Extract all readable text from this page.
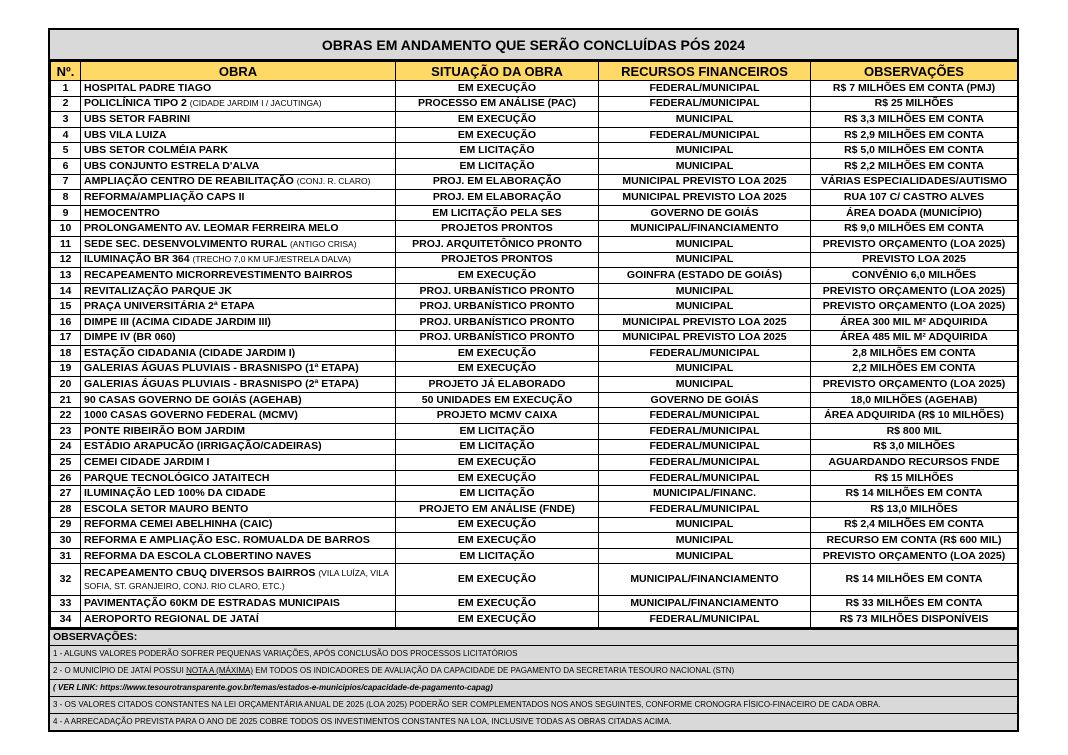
OBRAS EM ANDAMENTO QUE SERÃO CONCLUÍDAS PÓS 2024
Nº.	OBRA	SITUAÇÃO DA OBRA	RECURSOS FINANCEIROS	OBSERVAÇÕES
1	HOSPITAL PADRE TIAGO	EM EXECUÇÃO	FEDERAL/MUNICIPAL	R$ 7 MILHÕES EM CONTA (PMJ)
2	POLICLÍNICA TIPO 2 (CIDADE JARDIM I / JACUTINGA)	PROCESSO EM ANÁLISE (PAC)	FEDERAL/MUNICIPAL	R$ 25 MILHÕES
3	UBS SETOR FABRINI	EM EXECUÇÃO	MUNICIPAL	R$ 3,3 MILHÕES EM CONTA
4	UBS VILA LUIZA	EM EXECUÇÃO	FEDERAL/MUNICIPAL	R$ 2,9 MILHÕES EM CONTA
5	UBS SETOR COLMÉIA PARK	EM LICITAÇÃO	MUNICIPAL	R$ 5,0 MILHÕES EM CONTA
6	UBS CONJUNTO ESTRELA D'ALVA	EM LICITAÇÃO	MUNICIPAL	R$ 2,2 MILHÕES EM CONTA
7	AMPLIAÇÃO CENTRO DE REABILITAÇÃO (CONJ. R. CLARO)	PROJ. EM ELABORAÇÃO	MUNICIPAL PREVISTO LOA 2025	VÁRIAS ESPECIALIDADES/AUTISMO
8	REFORMA/AMPLIAÇÃO CAPS II	PROJ. EM ELABORAÇÃO	MUNICIPAL PREVISTO LOA 2025	RUA 107 C/ CASTRO ALVES
9	HEMOCENTRO	EM LICITAÇÃO PELA SES	GOVERNO DE GOIÁS	ÁREA DOADA (MUNICÍPIO)
10	PROLONGAMENTO AV. LEOMAR FERREIRA MELO	PROJETOS PRONTOS	MUNICIPAL/FINANCIAMENTO	R$ 9,0 MILHÕES EM CONTA
11	SEDE SEC. DESENVOLVIMENTO RURAL (ANTIGO CRISA)	PROJ. ARQUITETÔNICO PRONTO	MUNICIPAL	PREVISTO ORÇAMENTO (LOA 2025)
12	ILUMINAÇÃO BR 364 (TRECHO 7,0 KM UFJ/ESTRELA DALVA)	PROJETOS PRONTOS	MUNICIPAL	PREVISTO LOA 2025
13	RECAPEAMENTO MICRORREVESTIMENTO BAIRROS	EM EXECUÇÃO	GOINFRA (ESTADO DE GOIÁS)	CONVÊNIO 6,0 MILHÕES
14	REVITALIZAÇÃO PARQUE JK	PROJ. URBANÍSTICO PRONTO	MUNICIPAL	PREVISTO ORÇAMENTO (LOA 2025)
15	PRAÇA UNIVERSITÁRIA 2ª ETAPA	PROJ. URBANÍSTICO PRONTO	MUNICIPAL	PREVISTO ORÇAMENTO (LOA 2025)
16	DIMPE III (ACIMA CIDADE JARDIM III)	PROJ. URBANÍSTICO PRONTO	MUNICIPAL PREVISTO LOA 2025	ÁREA 300 MIL M² ADQUIRIDA
17	DIMPE IV (BR 060)	PROJ. URBANÍSTICO PRONTO	MUNICIPAL PREVISTO LOA 2025	ÁREA 485 MIL M² ADQUIRIDA
18	ESTAÇÃO CIDADANIA (CIDADE JARDIM I)	EM EXECUÇÃO	FEDERAL/MUNICIPAL	2,8 MILHÕES EM CONTA
19	GALERIAS ÁGUAS PLUVIAIS - BRASNISPO (1ª ETAPA)	EM EXECUÇÃO	MUNICIPAL	2,2 MILHÕES EM CONTA
20	GALERIAS ÁGUAS PLUVIAIS - BRASNISPO (2ª ETAPA)	PROJETO JÁ ELABORADO	MUNICIPAL	PREVISTO ORÇAMENTO (LOA 2025)
21	90 CASAS GOVERNO DE GOIÁS (AGEHAB)	50 UNIDADES EM EXECUÇÃO	GOVERNO DE GOIÁS	18,0 MILHÕES (AGEHAB)
22	1000 CASAS GOVERNO FEDERAL (MCMV)	PROJETO MCMV CAIXA	FEDERAL/MUNICIPAL	ÁREA ADQUIRIDA (R$ 10 MILHÕES)
23	PONTE RIBEIRÃO BOM JARDIM	EM LICITAÇÃO	FEDERAL/MUNICIPAL	R$ 800 MIL
24	ESTÁDIO ARAPUCÃO (IRRIGAÇÃO/CADEIRAS)	EM LICITAÇÃO	FEDERAL/MUNICIPAL	R$ 3,0 MILHÕES
25	CEMEI CIDADE JARDIM I	EM EXECUÇÃO	FEDERAL/MUNICIPAL	AGUARDANDO RECURSOS FNDE
26	PARQUE TECNOLÓGICO JATAITECH	EM EXECUÇÃO	FEDERAL/MUNICIPAL	R$ 15 MILHÕES
27	ILUMINAÇÃO LED 100% DA CIDADE	EM LICITAÇÃO	MUNICIPAL/FINANC.	R$ 14 MILHÕES EM CONTA
28	ESCOLA SETOR MAURO BENTO	PROJETO EM ANÁLISE (FNDE)	FEDERAL/MUNICIPAL	R$ 13,0 MILHÕES
29	REFORMA CEMEI ABELHINHA (CAIC)	EM EXECUÇÃO	MUNICIPAL	R$ 2,4 MILHÕES EM CONTA
30	REFORMA E AMPLIAÇÃO ESC. ROMUALDA DE BARROS	EM EXECUÇÃO	MUNICIPAL	RECURSO EM CONTA (R$ 600 MIL)
31	REFORMA DA ESCOLA CLOBERTINO NAVES	EM LICITAÇÃO	MUNICIPAL	PREVISTO ORÇAMENTO (LOA 2025)
32	RECAPEAMENTO CBUQ DIVERSOS BAIRROS (VILA LUÍZA, VILA SOFIA, ST. GRANJEIRO, CONJ. RIO CLARO, ETC.)	EM EXECUÇÃO	MUNICIPAL/FINANCIAMENTO	R$ 14 MILHÕES EM CONTA
33	PAVIMENTAÇÃO 60KM DE ESTRADAS MUNICIPAIS	EM EXECUÇÃO	MUNICIPAL/FINANCIAMENTO	R$ 33 MILHÕES EM CONTA
34	AEROPORTO REGIONAL DE JATAÍ	EM EXECUÇÃO	FEDERAL/MUNICIPAL	R$ 73 MILHÕES DISPONÍVEIS
OBSERVAÇÕES:
1 - ALGUNS VALORES PODERÃO SOFRER PEQUENAS VARIAÇÕES, APÓS CONCLUSÃO DOS PROCESSOS LICITATÓRIOS
2 - O MUNICÍPIO DE JATAÍ POSSUI NOTA A (MÁXIMA) EM TODOS OS INDICADORES DE AVALIAÇÃO DA CAPACIDADE DE PAGAMENTO DA SECRETARIA TESOURO NACIONAL (STN)
( VER LINK: https://www.tesourotransparente.gov.br/temas/estados-e-municipios/capacidade-de-pagamento-capag)
3 - OS VALORES CITADOS CONSTANTES NA LEI ORÇAMENTÁRIA ANUAL DE 2025 (LOA 2025) PODERÃO SER COMPLEMENTADOS NOS ANOS SEGUINTES, CONFORME CRONOGRA FÍSICO-FINACEIRO DE CADA OBRA.
4 - A ARRECADAÇÃO PREVISTA PARA O ANO DE 2025 COBRE TODOS OS INVESTIMENTOS CONSTANTES NA LOA, INCLUSIVE TODAS AS OBRAS CITADAS ACIMA.
